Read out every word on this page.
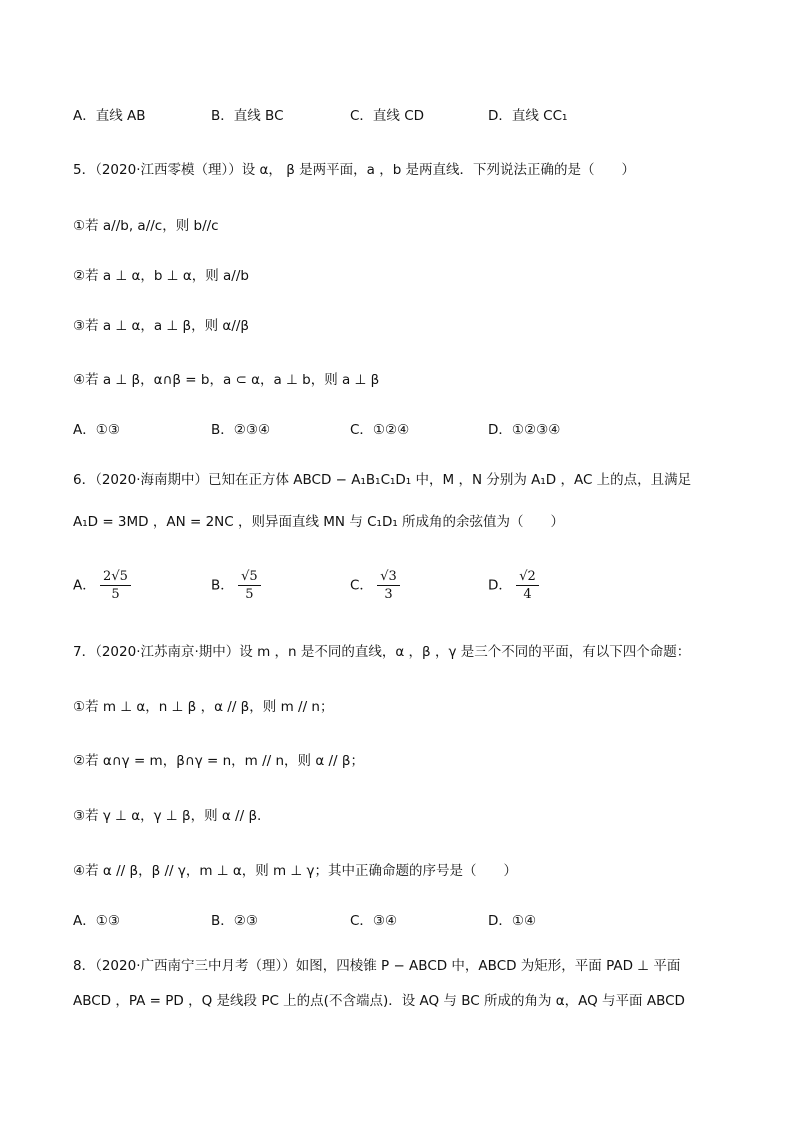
A．直线 AB	B．直线 BC	C．直线 CD	D．直线 CC₁
5．（2020·江西零模（理））设 α， β 是两平面，a ，b 是两直线．下列说法正确的是（　　）
①若 a//b, a//c，则 b//c
②若 a ⊥ α，b ⊥ α，则 a//b
③若 a ⊥ α，a ⊥ β，则 α//β
④若 a ⊥ β，α∩β = b，a ⊂ α，a ⊥ b，则 a ⊥ β
A．①③	B．②③④	C．①②④	D．①②③④
6．（2020·海南期中）已知在正方体 ABCD − A₁B₁C₁D₁ 中，M ，N 分别为 A₁D ，AC 上的点，且满足
A₁D = 3MD ，AN = 2NC ，则异面直线 MN 与 C₁D₁ 所成角的余弦值为（　　）
A． $\frac{2√5}{5}$	B． $\frac{√5}{5}$	C． $\frac{√3}{3}$	D． $\frac{√2}{4}$
7．（2020·江苏南京·期中）设 m ，n 是不同的直线，α ，β ，γ 是三个不同的平面，有以下四个命题：
①若 m ⊥ α，n ⊥ β ，α // β，则 m // n；
②若 α∩γ = m，β∩γ = n，m // n，则 α // β；
③若 γ ⊥ α，γ ⊥ β，则 α // β.
④若 α // β，β // γ，m ⊥ α，则 m ⊥ γ；其中正确命题的序号是（　　）
A．①③	B．②③	C．③④	D．①④
8．（2020·广西南宁三中月考（理））如图，四棱锥 P − ABCD 中，ABCD 为矩形，平面 PAD ⊥ 平面
ABCD ，PA = PD ，Q 是线段 PC 上的点(不含端点)．设 AQ 与 BC 所成的角为 α，AQ 与平面 ABCD
